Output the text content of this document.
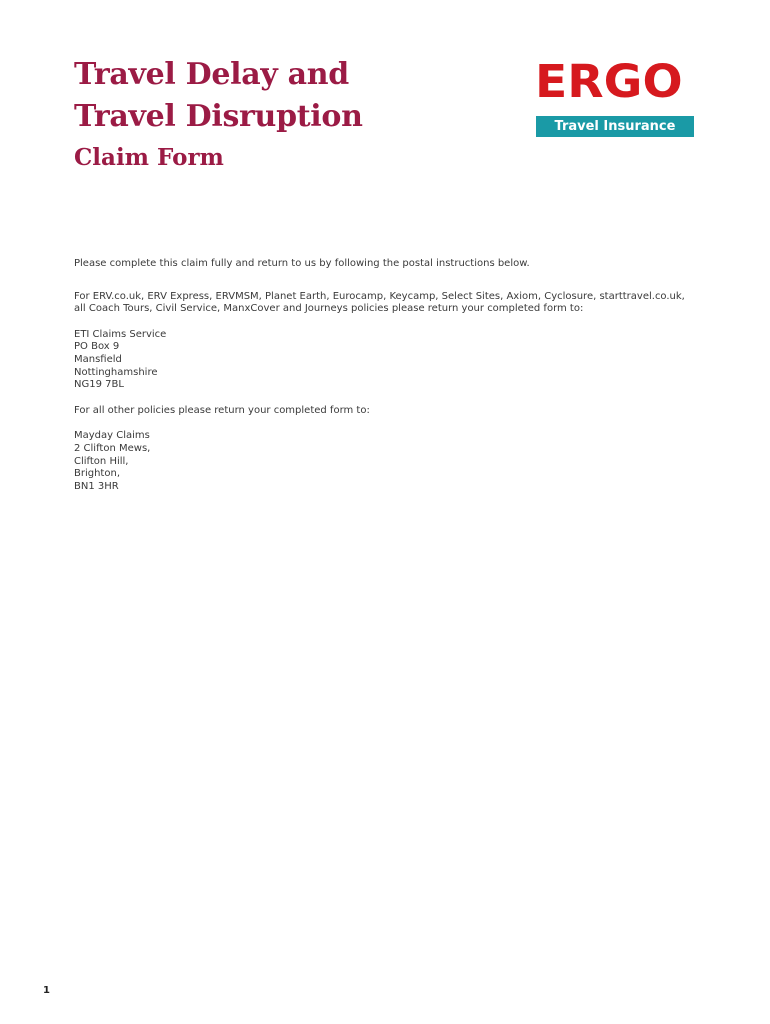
Travel Delay and
Travel Disruption
Claim Form
ERGO
Travel Insurance

Please complete this claim fully and return to us by following the postal instructions below.

For ERV.co.uk, ERV Express, ERVMSM, Planet Earth, Eurocamp, Keycamp, Select Sites, Axiom, Cyclosure, starttravel.co.uk, all Coach Tours, Civil Service, ManxCover and Journeys policies please return your completed form to:

ETI Claims Service
PO Box 9
Mansfield
Nottinghamshire
NG19 7BL

For all other policies please return your completed form to:

Mayday Claims
2 Clifton Mews,
Clifton Hill,
Brighton,
BN1 3HR

1
